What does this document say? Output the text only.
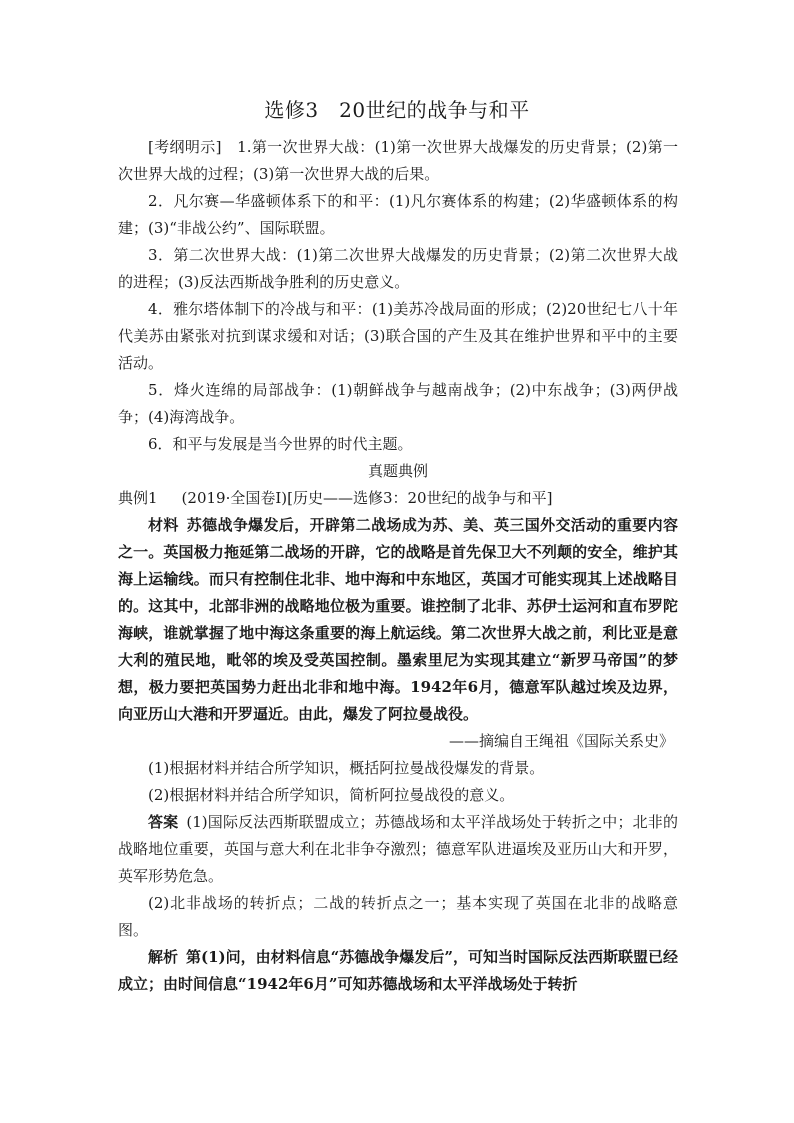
选修3　20世纪的战争与和平

[考纲明示]　 1.第一次世界大战：(1)第一次世界大战爆发的历史背景；(2)第一次世界大战的过程；(3)第一次世界大战的后果。

2．凡尔赛—华盛顿体系下的和平：(1)凡尔赛体系的构建；(2)华盛顿体系的构建；(3)“非战公约”、国际联盟。

3．第二次世界大战：(1)第二次世界大战爆发的历史背景；(2)第二次世界大战的进程；(3)反法西斯战争胜利的历史意义。

4．雅尔塔体制下的冷战与和平：(1)美苏冷战局面的形成；(2)20世纪七八十年代美苏由紧张对抗到谋求缓和对话；(3)联合国的产生及其在维护世界和平中的主要活动。

5．烽火连绵的局部战争：(1)朝鲜战争与越南战争；(2)中东战争；(3)两伊战争；(4)海湾战争。

6．和平与发展是当今世界的时代主题。

真题典例

典例1 (2019·全国卷Ⅰ)[历史——选修3：20世纪的战争与和平]

材料 苏德战争爆发后，开辟第二战场成为苏、美、英三国外交活动的重要内容之一。英国极力拖延第二战场的开辟，它的战略是首先保卫大不列颠的安全，维护其海上运输线。而只有控制住北非、地中海和中东地区，英国才可能实现其上述战略目的。这其中，北部非洲的战略地位极为重要。谁控制了北非、苏伊士运河和直布罗陀海峡，谁就掌握了地中海这条重要的海上航运线。第二次世界大战之前，利比亚是意大利的殖民地，毗邻的埃及受英国控制。墨索里尼为实现其建立“新罗马帝国”的梦想，极力要把英国势力赶出北非和地中海。1942年6月，德意军队越过埃及边界，向亚历山大港和开罗逼近。由此，爆发了阿拉曼战役。

——摘编自王绳祖《国际关系史》

(1)根据材料并结合所学知识，概括阿拉曼战役爆发的背景。

(2)根据材料并结合所学知识，简析阿拉曼战役的意义。

答案 (1)国际反法西斯联盟成立；苏德战场和太平洋战场处于转折之中；北非的战略地位重要，英国与意大利在北非争夺激烈；德意军队进逼埃及亚历山大和开罗，英军形势危急。

(2)北非战场的转折点；二战的转折点之一；基本实现了英国在北非的战略意图。

解析 第(1)问，由材料信息“苏德战争爆发后”，可知当时国际反法西斯联盟已经成立；由时间信息“1942年6月”可知苏德战场和太平洋战场处于转折
